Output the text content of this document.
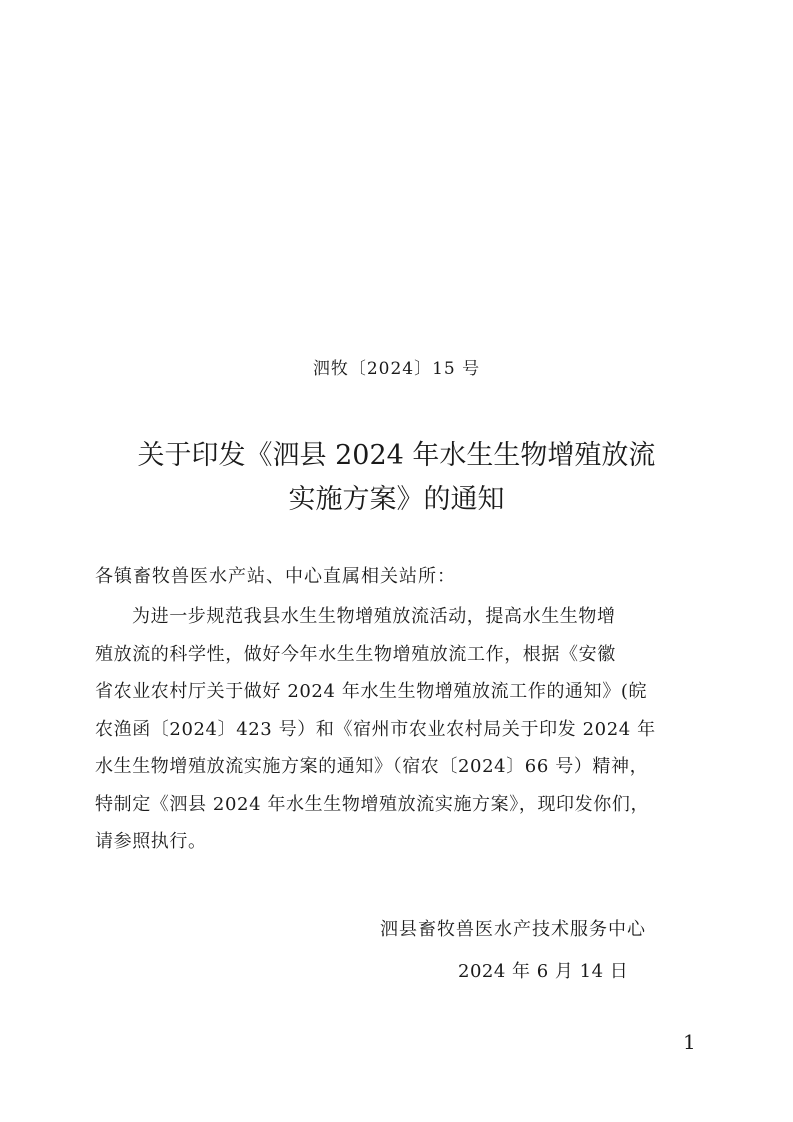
泗牧〔2024〕15 号
关于印发《泗县 2024 年水生生物增殖放流
实施方案》的通知
各镇畜牧兽医水产站、中心直属相关站所：
为进一步规范我县水生生物增殖放流活动，提高水生生物增
殖放流的科学性，做好今年水生生物增殖放流工作，根据《安徽
省农业农村厅关于做好 2024 年水生生物增殖放流工作的通知》(皖
农渔函〔2024〕423 号）和《宿州市农业农村局关于印发 2024 年
水生生物增殖放流实施方案的通知》（宿农〔2024〕66 号）精神，
特制定《泗县 2024 年水生生物增殖放流实施方案》，现印发你们，
请参照执行。
泗县畜牧兽医水产技术服务中心
2024 年 6 月 14 日
1
